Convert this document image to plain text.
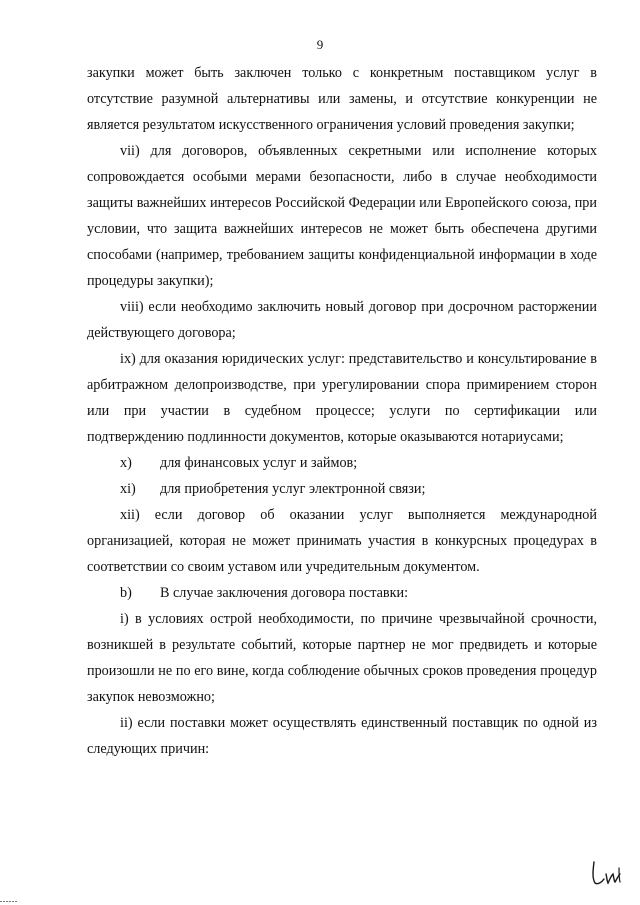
9

закупки может быть заключен только с конкретным поставщиком услуг в отсутствие разумной альтернативы или замены, и отсутствие конкуренции не является результатом искусственного ограничения условий проведения закупки;

vii) для договоров, объявленных секретными или исполнение которых сопровождается особыми мерами безопасности, либо в случае необходимости защиты важнейших интересов Российской Федерации или Европейского союза, при условии, что защита важнейших интересов не может быть обеспечена другими способами (например, требованием защиты конфиденциальной информации в ходе процедуры закупки);

viii) если необходимо заключить новый договор при досрочном расторжении действующего договора;

ix) для оказания юридических услуг: представительство и консультирование в арбитражном делопроизводстве, при урегулировании спора примирением сторон или при участии в судебном процессе; услуги по сертификации или подтверждению подлинности документов, которые оказываются нотариусами;

x)	для финансовых услуг и займов;
xi)	для приобретения услуг электронной связи;

xii) если договор об оказании услуг выполняется международной организацией, которая не может принимать участия в конкурсных процедурах в соответствии со своим уставом или учредительным документом.

b)	В случае заключения договора поставки:

i) в условиях острой необходимости, по причине чрезвычайной срочности, возникшей в результате событий, которые партнер не мог предвидеть и которые произошли не по его вине, когда соблюдение обычных сроков проведения процедур закупок невозможно;

ii) если поставки может осуществлять единственный поставщик по одной из следующих причин:
